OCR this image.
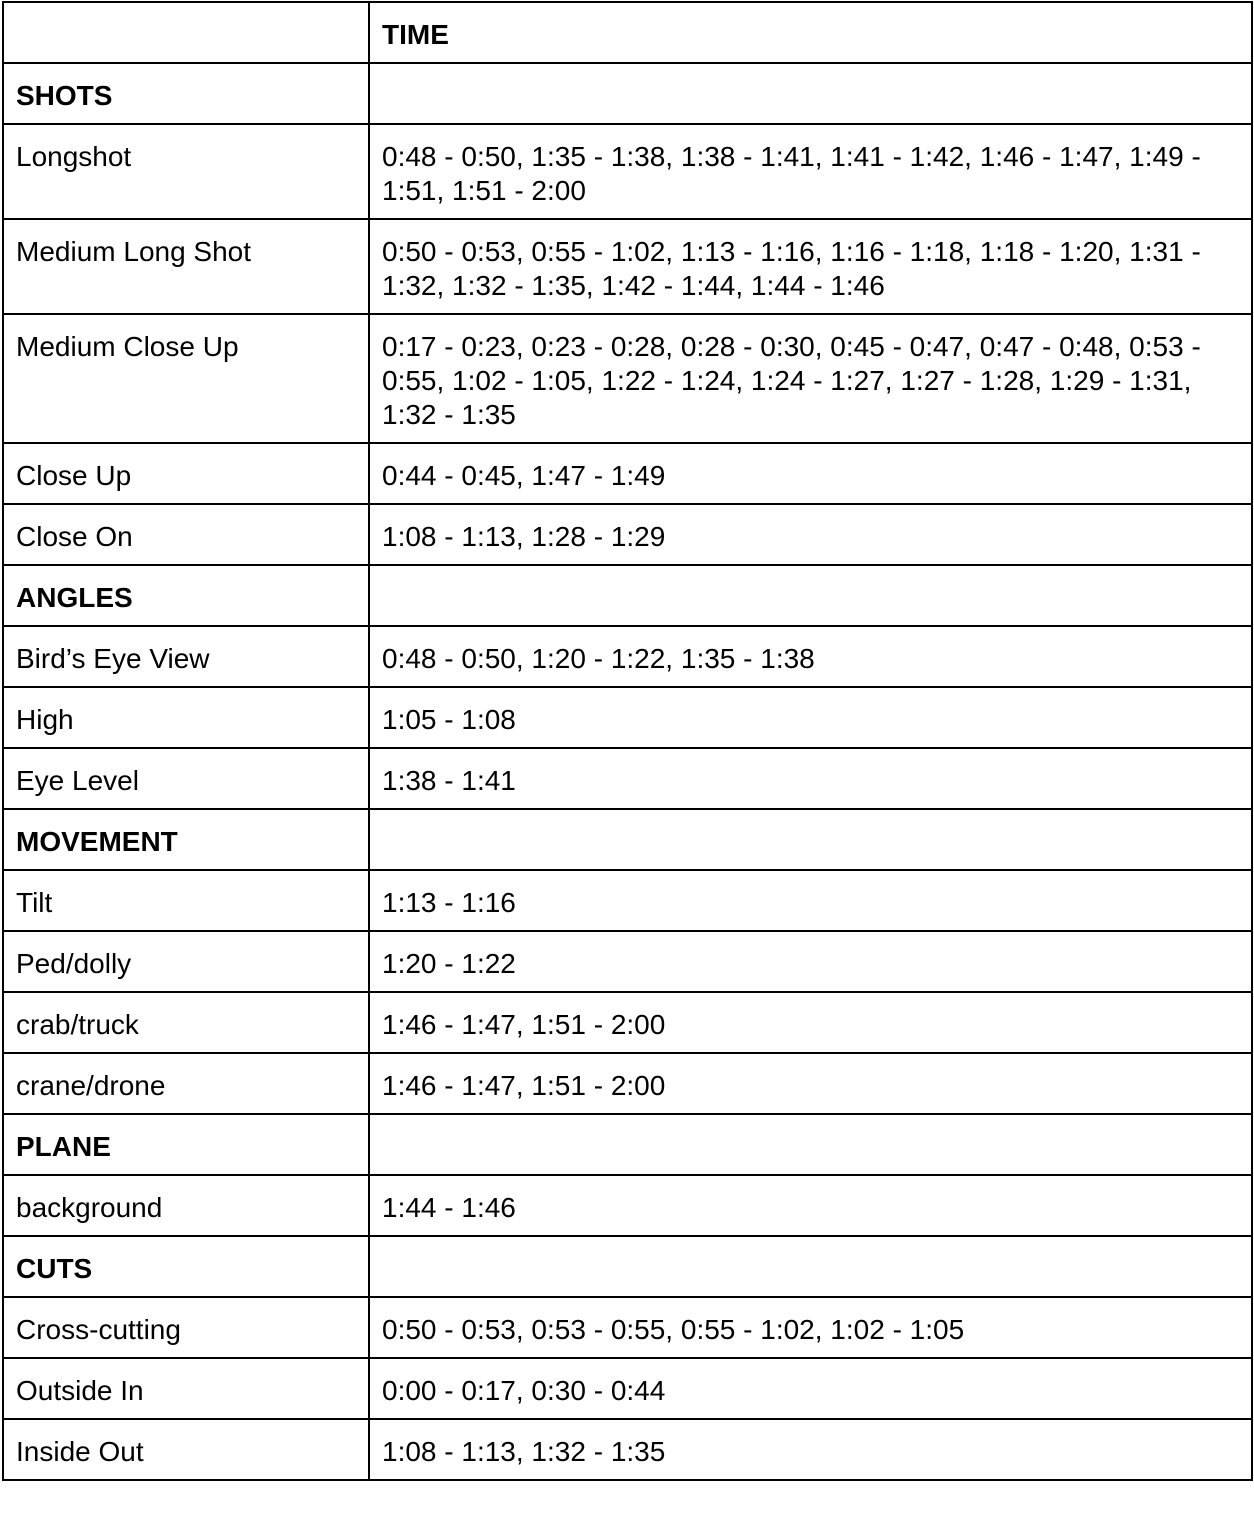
	TIME
SHOTS	
Longshot	0:48 - 0:50, 1:35 - 1:38, 1:38 - 1:41, 1:41 - 1:42, 1:46 - 1:47, 1:49 - 1:51, 1:51 - 2:00
Medium Long Shot	0:50 - 0:53, 0:55 - 1:02, 1:13 - 1:16, 1:16 - 1:18, 1:18 - 1:20, 1:31 - 1:32, 1:32 - 1:35, 1:42 - 1:44, 1:44 - 1:46
Medium Close Up	0:17 - 0:23, 0:23 - 0:28, 0:28 - 0:30, 0:45 - 0:47, 0:47 - 0:48, 0:53 - 0:55, 1:02 - 1:05, 1:22 - 1:24, 1:24 - 1:27, 1:27 - 1:28, 1:29 - 1:31, 1:32 - 1:35
Close Up	0:44 - 0:45, 1:47 - 1:49
Close On	1:08 - 1:13, 1:28 - 1:29
ANGLES	
Bird’s Eye View	0:48 - 0:50, 1:20 - 1:22, 1:35 - 1:38
High	1:05 - 1:08
Eye Level	1:38 - 1:41
MOVEMENT	
Tilt	1:13 - 1:16
Ped/dolly	1:20 - 1:22
crab/truck	1:46 - 1:47, 1:51 - 2:00
crane/drone	1:46 - 1:47, 1:51 - 2:00
PLANE	
background	1:44 - 1:46
CUTS	
Cross-cutting	0:50 - 0:53, 0:53 - 0:55, 0:55 - 1:02, 1:02 - 1:05
Outside In	0:00 - 0:17, 0:30 - 0:44
Inside Out	1:08 - 1:13, 1:32 - 1:35
